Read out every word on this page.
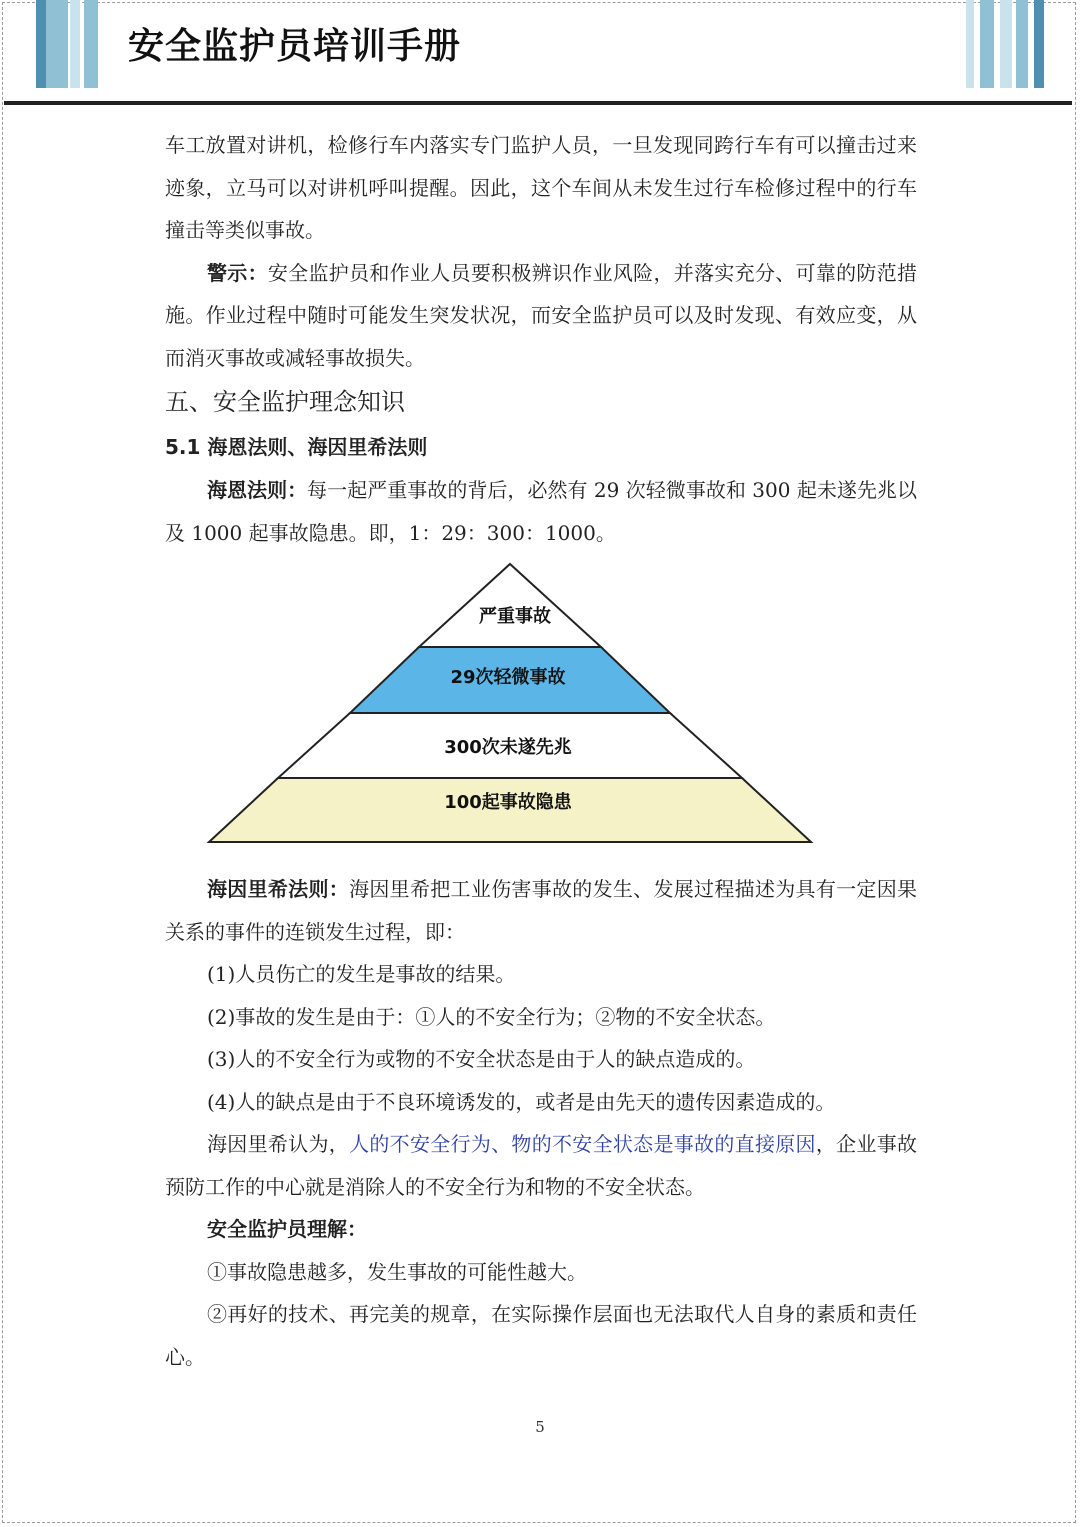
安全监护员培训手册

车工放置对讲机，检修行车内落实专门监护人员，一旦发现同跨行车有可以撞击过来迹象，立马可以对讲机呼叫提醒。因此，这个车间从未发生过行车检修过程中的行车撞击等类似事故。

警示：安全监护员和作业人员要积极辨识作业风险，并落实充分、可靠的防范措施。作业过程中随时可能发生突发状况，而安全监护员可以及时发现、有效应变，从而消灭事故或减轻事故损失。

五、安全监护理念知识
5.1 海恩法则、海因里希法则

海恩法则：每一起严重事故的背后，必然有 29 次轻微事故和 300 起未遂先兆以及 1000 起事故隐患。即，1：29：300：1000。

严重事故
29次轻微事故
300次未遂先兆
100起事故隐患

海因里希法则：海因里希把工业伤害事故的发生、发展过程描述为具有一定因果关系的事件的连锁发生过程，即：

(1)人员伤亡的发生是事故的结果。

(2)事故的发生是由于：①人的不安全行为；②物的不安全状态。

(3)人的不安全行为或物的不安全状态是由于人的缺点造成的。

(4)人的缺点是由于不良环境诱发的，或者是由先天的遗传因素造成的。

海因里希认为，人的不安全行为、物的不安全状态是事故的直接原因，企业事故预防工作的中心就是消除人的不安全行为和物的不安全状态。

安全监护员理解：

①事故隐患越多，发生事故的可能性越大。

②再好的技术、再完美的规章，在实际操作层面也无法取代人自身的素质和责任心。

5
